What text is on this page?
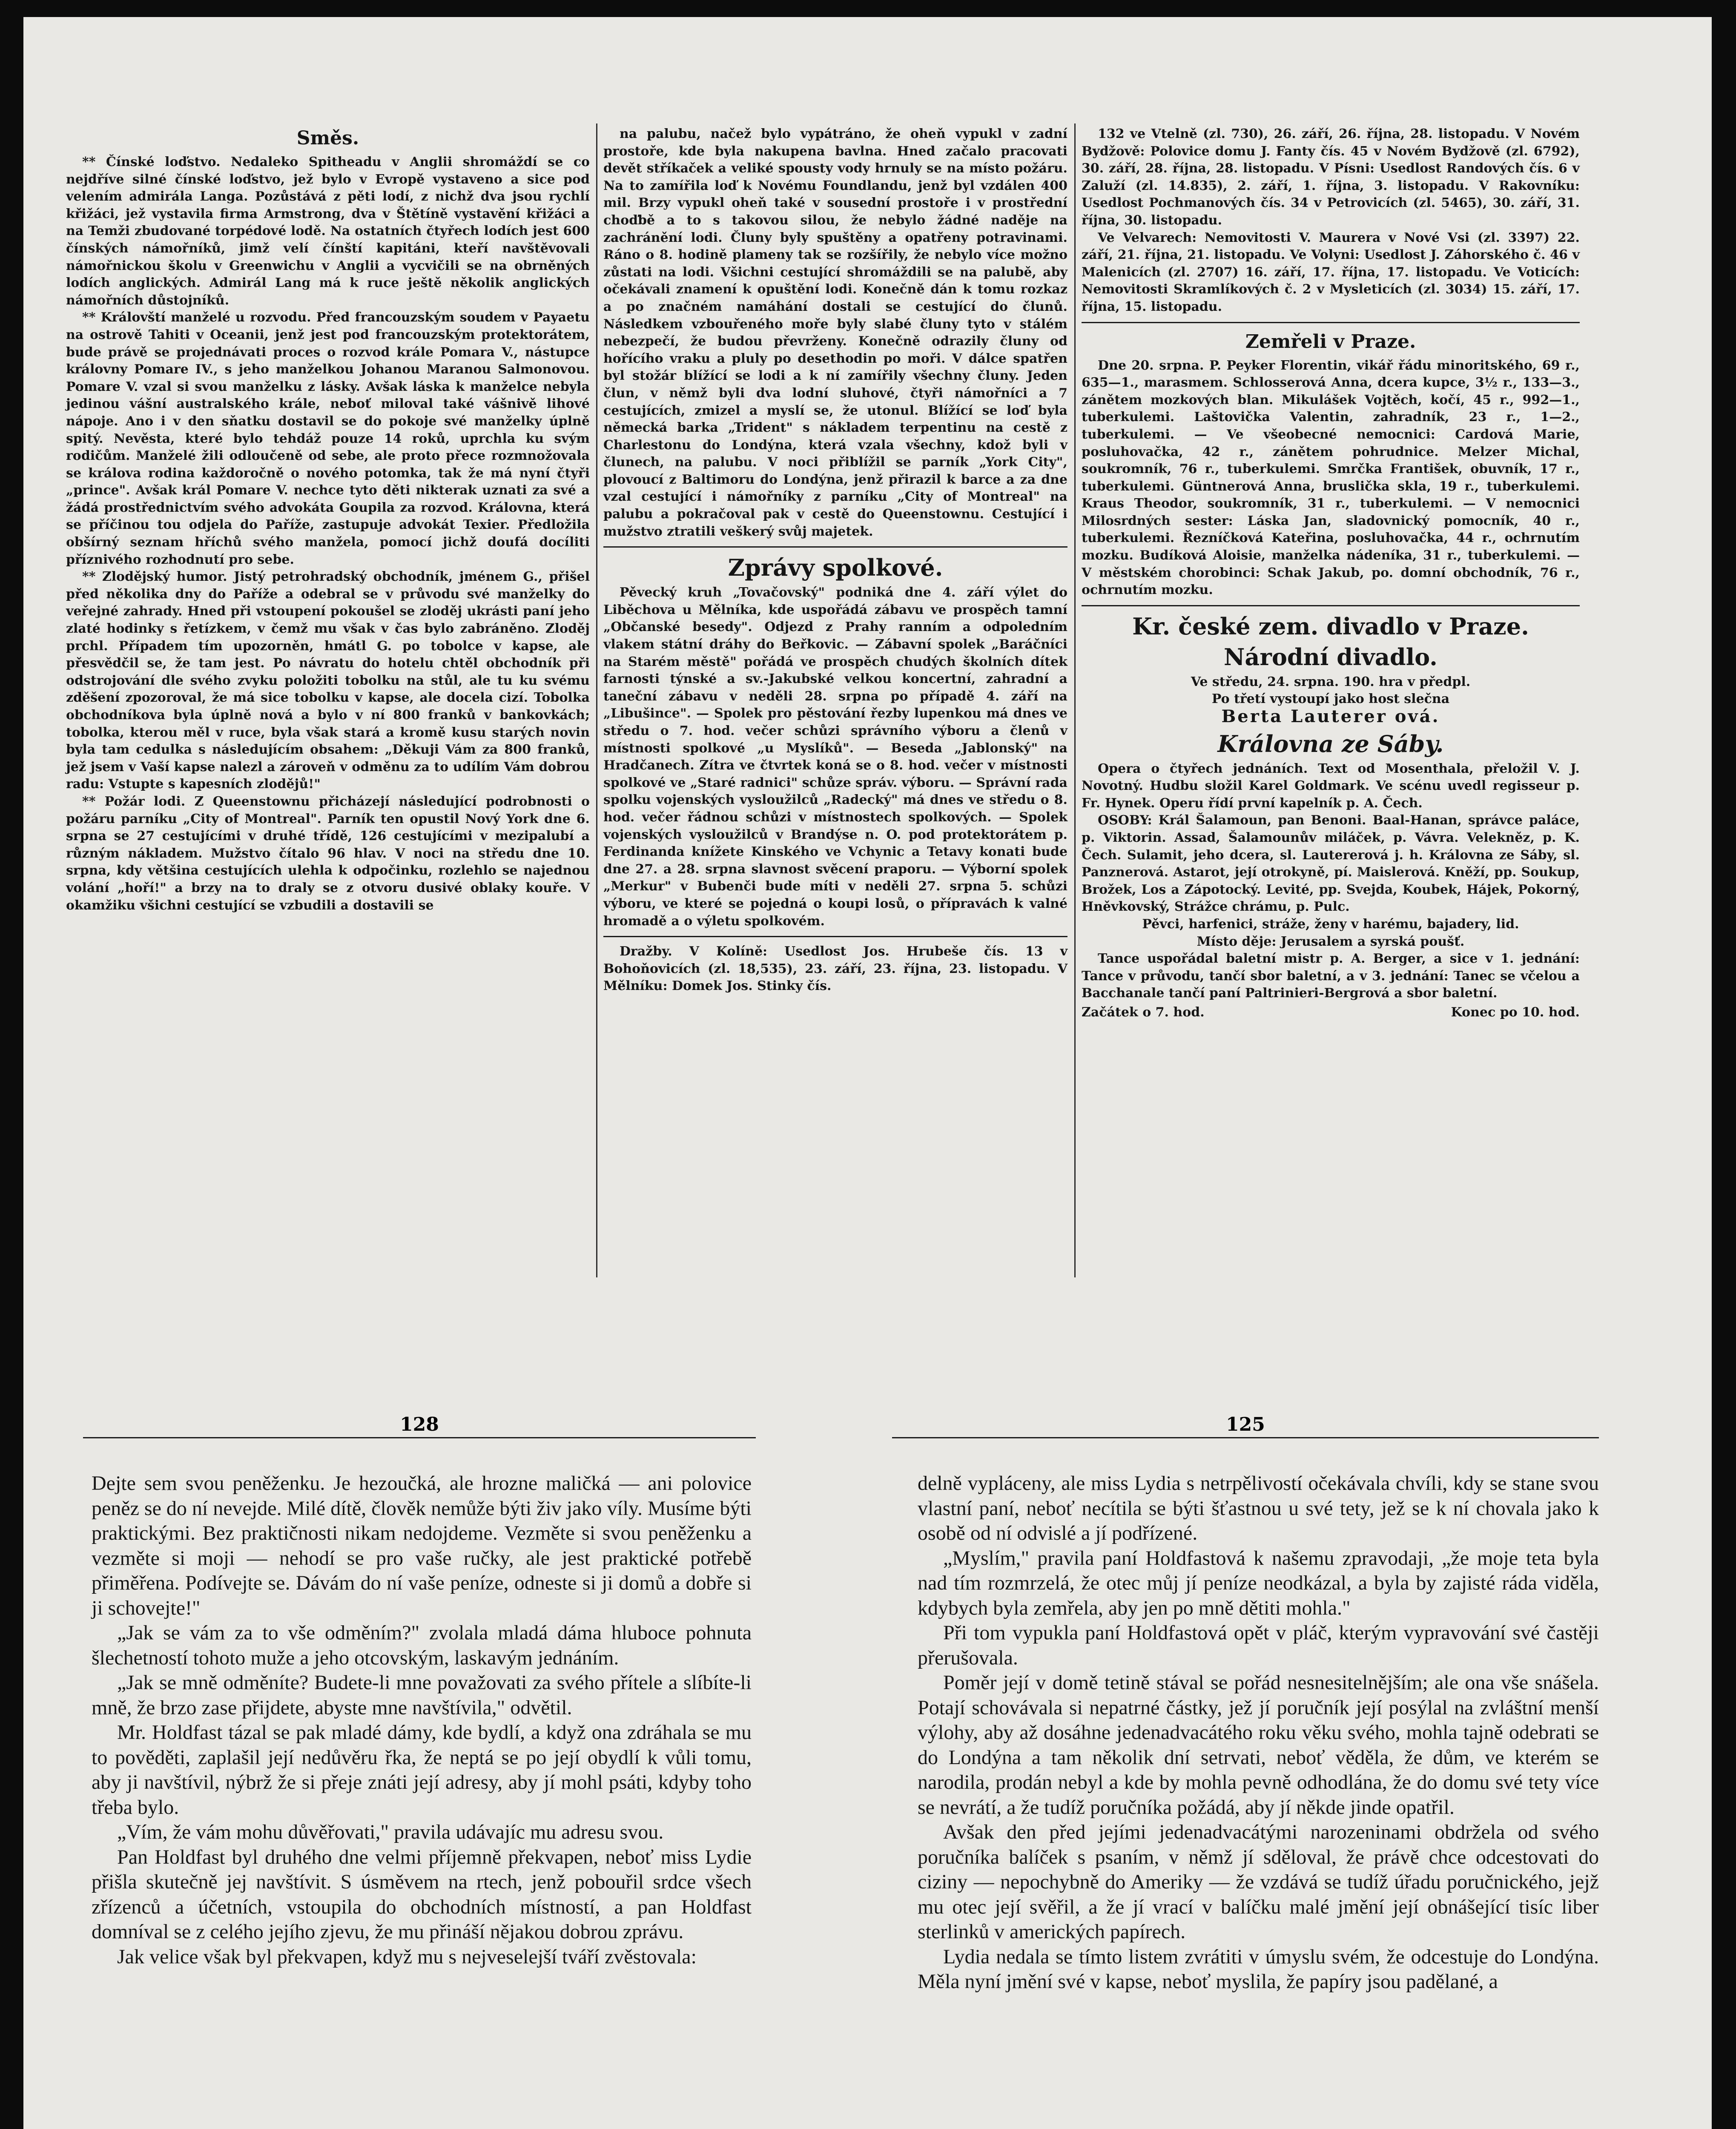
Směs.

** Čínské loďstvo. Nedaleko Spitheadu v Anglii shromáždí se co nejdříve silné čínské loďstvo, jež bylo v Evropě vystaveno a sice pod velením admirála Langa. Pozůstává z pěti lodí, z nichž dva jsou rychlí křižáci, jež vystavila firma Armstrong, dva v Štětíně vystavění křižáci a na Temži zbudované torpédové lodě. Na ostatních čtyřech lodích jest 600 čínských námořníků, jimž velí čínští kapitáni, kteří navštěvovali námořnickou školu v Greenwichu v Anglii a vycvičili se na obrněných lodích anglických. Admirál Lang má k ruce ještě několik anglických námořních důstojníků.

** Královští manželé u rozvodu. Před francouzským soudem v Payaetu na ostrově Tahiti v Oceanii, jenž jest pod francouzským protektorátem, bude právě se projednávati proces o rozvod krále Pomara V., nástupce královny Pomare IV., s jeho manželkou Johanou Maranou Salmonovou. Pomare V. vzal si svou manželku z lásky. Avšak láska k manželce nebyla jedinou vášní australského krále, neboť miloval také vášnivě lihové nápoje. Ano i v den sňatku dostavil se do pokoje své manželky úplně spitý. Nevěsta, které bylo tehdáž pouze 14 roků, uprchla ku svým rodičům. Manželé žili odloučeně od sebe, ale proto přece rozmnožovala se králova rodina každoročně o nového potomka, tak že má nyní čtyři „prince". Avšak král Pomare V. nechce tyto děti nikterak uznati za své a žádá prostřednictvím svého advokáta Goupila za rozvod. Královna, která se příčinou tou odjela do Paříže, zastupuje advokát Texier. Předložila obšírný seznam hříchů svého manžela, pomocí jichž doufá docíliti příznivého rozhodnutí pro sebe.

** Zlodějský humor. Jistý petrohradský obchodník, jménem G., přišel před několika dny do Paříže a odebral se v průvodu své manželky do veřejné zahrady. Hned při vstoupení pokoušel se zloděj ukrásti paní jeho zlaté hodinky s řetízkem, v čemž mu však v čas bylo zabráněno. Zloděj prchl. Případem tím upozorněn, hmátl G. po tobolce v kapse, ale přesvědčil se, že tam jest. Po návratu do hotelu chtěl obchodník při odstrojování dle svého zvyku položiti tobolku na stůl, ale tu ku svému zděšení zpozoroval, že má sice tobolku v kapse, ale docela cizí. Tobolka obchodníkova byla úplně nová a bylo v ní 800 franků v bankovkách; tobolka, kterou měl v ruce, byla však stará a kromě kusu starých novin byla tam cedulka s následujícím obsahem: „Děkuji Vám za 800 franků, jež jsem v Vaší kapse nalezl a zároveň v odměnu za to udílím Vám dobrou radu: Vstupte s kapesních zlodějů!"

** Požár lodi. Z Queenstownu přicházejí následující podrobnosti o požáru parníku „City of Montreal". Parník ten opustil Nový York dne 6. srpna se 27 cestujícími v druhé třídě, 126 cestujícími v mezipalubí a různým nákladem. Mužstvo čítalo 96 hlav. V noci na středu dne 10. srpna, kdy většina cestujících ulehla k odpočinku, rozlehlo se najednou volání „hoří!" a brzy na to draly se z otvoru dusivé oblaky kouře. V okamžiku všichni cestující se vzbudili a dostavili se

na palubu, načež bylo vypátráno, že oheň vypukl v zadní prostoře, kde byla nakupena bavlna. Hned začalo pracovati devět stříkaček a veliké spousty vody hrnuly se na místo požáru. Na to zamířila loď k Novému Foundlandu, jenž byl vzdálen 400 mil. Brzy vypukl oheň také v sousední prostoře i v prostřední choďbě a to s takovou silou, že nebylo žádné naděje na zachránění lodi. Čluny byly spuštěny a opatřeny potravinami. Ráno o 8. hodině plameny tak se rozšířily, že nebylo více možno zůstati na lodi. Všichni cestující shromáždili se na palubě, aby očekávali znamení k opuštění lodi. Konečně dán k tomu rozkaz a po značném namáhání dostali se cestující do člunů. Následkem vzbouřeného moře byly slabé čluny tyto v stálém nebezpečí, že budou převrženy. Konečně odrazily čluny od hořícího vraku a pluly po desethodin po moři. V dálce spatřen byl stožár blížící se lodi a k ní zamířily všechny čluny. Jeden člun, v němž byli dva lodní sluhové, čtyři námořníci a 7 cestujících, zmizel a myslí se, že utonul. Blížící se loď byla německá barka „Trident" s nákladem terpentinu na cestě z Charlestonu do Londýna, která vzala všechny, kdož byli v člunech, na palubu. V noci přiblížil se parník „York City", plovoucí z Baltimoru do Londýna, jenž přirazil k barce a za dne vzal cestující i námořníky z parníku „City of Montreal" na palubu a pokračoval pak v cestě do Queenstownu. Cestující i mužstvo ztratili veškerý svůj majetek.

Zprávy spolkové.

Pěvecký kruh „Tovačovský" podniká dne 4. září výlet do Liběchova u Mělníka, kde uspořádá zábavu ve prospěch tamní „Občanské besedy". Odjezd z Prahy ranním a odpoledním vlakem státní dráhy do Beřkovic. — Zábavní spolek „Baráčníci na Starém městě" pořádá ve prospěch chudých školních dítek farnosti týnské a sv.-Jakubské velkou koncertní, zahradní a taneční zábavu v neděli 28. srpna po případě 4. září na „Libušince". — Spolek pro pěstování řezby lupenkou má dnes ve středu o 7. hod. večer schůzi správního výboru a členů v místnosti spolkové „u Myslíků". — Beseda „Jablonský" na Hradčanech. Zítra ve čtvrtek koná se o 8. hod. večer v místnosti spolkové ve „Staré radnici" schůze správ. výboru. — Správní rada spolku vojenských vysloužilců „Radecký" má dnes ve středu o 8. hod. večer řádnou schůzi v místnostech spolkových. — Spolek vojenských vysloužilců v Brandýse n. O. pod protektorátem p. Ferdinanda knížete Kinského ve Vchynic a Tetavy konati bude dne 27. a 28. srpna slavnost svěcení praporu. — Výborní spolek „Merkur" v Bubenči bude míti v neděli 27. srpna 5. schůzi výboru, ve které se pojedná o koupi losů, o přípravách k valné hromadě a o výletu spolkovém.

Dražby. V Kolíně: Usedlost Jos. Hrubeše čís. 13 v Bohoňovicích (zl. 18,535), 23. září, 23. října, 23. listopadu. V Mělníku: Domek Jos. Stinky čís.

132 ve Vtelně (zl. 730), 26. září, 26. října, 28. listopadu. V Novém Bydžově: Polovice domu J. Fanty čís. 45 v Novém Bydžově (zl. 6792), 30. září, 28. října, 28. listopadu. V Písni: Usedlost Randových čís. 6 v Zaluží (zl. 14.835), 2. září, 1. října, 3. listopadu. V Rakovníku: Usedlost Pochmanových čís. 34 v Petrovicích (zl. 5465), 30. září, 31. října, 30. listopadu.

Ve Velvarech: Nemovitosti V. Maurera v Nové Vsi (zl. 3397) 22. září, 21. října, 21. listopadu. Ve Volyni: Usedlost J. Záhorského č. 46 v Malenicích (zl. 2707) 16. září, 17. října, 17. listopadu. Ve Voticích: Nemovitosti Skramlíkových č. 2 v Mysleticích (zl. 3034) 15. září, 17. října, 15. listopadu.

Zemřeli v Praze.

Dne 20. srpna. P. Peyker Florentin, vikář řádu minoritského, 69 r., 635—1., marasmem. Schlosserová Anna, dcera kupce, 3½ r., 133—3., zánětem mozkových blan. Mikulášek Vojtěch, kočí, 45 r., 992—1., tuberkulemi. Laštovička Valentin, zahradník, 23 r., 1—2., tuberkulemi. — Ve všeobecné nemocnici: Cardová Marie, posluhovačka, 42 r., zánětem pohrudnice. Melzer Michal, soukromník, 76 r., tuberkulemi. Smrčka František, obuvník, 17 r., tuberkulemi. Güntnerová Anna, bruslička skla, 19 r., tuberkulemi. Kraus Theodor, soukromník, 31 r., tuberkulemi. — V nemocnici Milosrdných sester: Láska Jan, sladovnický pomocník, 40 r., tuberkulemi. Řezníčková Kateřina, posluhovačka, 44 r., ochrnutím mozku. Budíková Aloisie, manželka nádeníka, 31 r., tuberkulemi. — V městském chorobinci: Schak Jakub, po. domní obchodník, 76 r., ochrnutím mozku.

Kr. české zem. divadlo v Praze.
Národní divadlo.

Ve středu, 24. srpna. 190. hra v předpl.

Po třetí vystoupí jako host slečna

Berta Lauterer ová.

Královna ze Sáby.

Opera o čtyřech jednáních. Text od Mosenthala, přeložil V. J. Novotný. Hudbu složil Karel Goldmark. Ve scénu uvedl regisseur p. Fr. Hynek. Operu řídí první kapelník p. A. Čech.

OSOBY: Král Šalamoun, pan Benoni. Baal-Hanan, správce paláce, p. Viktorin. Assad, Šalamounův miláček, p. Vávra. Velekněz, p. K. Čech. Sulamit, jeho dcera, sl. Lautererová j. h. Královna ze Sáby, sl. Panznerová. Astarot, její otrokyně, pí. Maislerová. Kněží, pp. Soukup, Brožek, Los a Zápotocký. Levité, pp. Svejda, Koubek, Hájek, Pokorný, Hněvkovský, Strážce chrámu, p. Pulc.

Pěvci, harfenici, stráže, ženy v harému, bajadery, lid.

Místo děje: Jerusalem a syrská poušť.

Tance uspořádal baletní mistr p. A. Berger, a sice v 1. jednání: Tance v průvodu, tančí sbor baletní, a v 3. jednání: Tanec se včelou a Bacchanale tančí paní Paltrinieri-Bergrová a sbor baletní.

Začátek o 7. hod.	Konec po 10. hod.
128

Dejte sem svou peněženku. Je hezoučká, ale hrozne maličká — ani polovice peněz se do ní nevejde. Milé dítě, člověk nemůže býti živ jako víly. Musíme býti praktickými. Bez praktičnosti nikam nedojdeme. Vezměte si svou peněženku a vezměte si moji — nehodí se pro vaše ručky, ale jest praktické potřebě přiměřena. Podívejte se. Dávám do ní vaše peníze, odneste si ji domů a dobře si ji schovejte!"

„Jak se vám za to vše odměním?" zvolala mladá dáma hluboce pohnuta šlechetností tohoto muže a jeho otcovským, laskavým jednáním.

„Jak se mně odměníte? Budete-li mne považovati za svého přítele a slíbíte-li mně, že brzo zase přijdete, abyste mne navštívila," odvětil.

Mr. Holdfast tázal se pak mladé dámy, kde bydlí, a když ona zdráhala se mu to pověděti, zaplašil její nedůvěru řka, že neptá se po její obydlí k vůli tomu, aby ji navštívil, nýbrž že si přeje znáti její adresy, aby jí mohl psáti, kdyby toho třeba bylo.

„Vím, že vám mohu důvěřovati," pravila udávajíc mu adresu svou.

Pan Holdfast byl druhého dne velmi příjemně překvapen, neboť miss Lydie přišla skutečně jej navštívit. S úsměvem na rtech, jenž pobouřil srdce všech zřízenců a účetních, vstoupila do obchodních místností, a pan Holdfast domníval se z celého jejího zjevu, že mu přináší nějakou dobrou zprávu.

Jak velice však byl překvapen, když mu s nejveselejší tváří zvěstovala:

125

delně vypláceny, ale miss Lydia s netrpělivostí očekávala chvíli, kdy se stane svou vlastní paní, neboť necítila se býti šťastnou u své tety, jež se k ní chovala jako k osobě od ní odvislé a jí podřízené.

„Myslím," pravila paní Holdfastová k našemu zpravodaji, „že moje teta byla nad tím rozmrzelá, že otec můj jí peníze neodkázal, a byla by zajisté ráda viděla, kdybych byla zemřela, aby jen po mně dětiti mohla."

Při tom vypukla paní Holdfastová opět v pláč, kterým vypravování své častěji přerušovala.

Poměr její v domě tetině stával se pořád nesnesitelnějším; ale ona vše snášela. Potají schovávala si nepatrné částky, jež jí poručník její posýlal na zvláštní menší výlohy, aby až dosáhne jedenadvacátého roku věku svého, mohla tajně odebrati se do Londýna a tam několik dní setrvati, neboť věděla, že dům, ve kterém se narodila, prodán nebyl a kde by mohla pevně odhodlána, že do domu své tety více se nevrátí, a že tudíž poručníka požádá, aby jí někde jinde opatřil.

Avšak den před jejími jedenadvacátými narozeninami obdržela od svého poručníka balíček s psaním, v němž jí sděloval, že právě chce odcestovati do ciziny — nepochybně do Ameriky — že vzdává se tudíž úřadu poručnického, jejž mu otec její svěřil, a že jí vrací v balíčku malé jmění její obnášející tisíc liber sterlinků v amerických papírech.

Lydia nedala se tímto listem zvrátiti v úmyslu svém, že odcestuje do Londýna. Měla nyní jmění své v kapse, neboť myslila, že papíry jsou padělané, a
